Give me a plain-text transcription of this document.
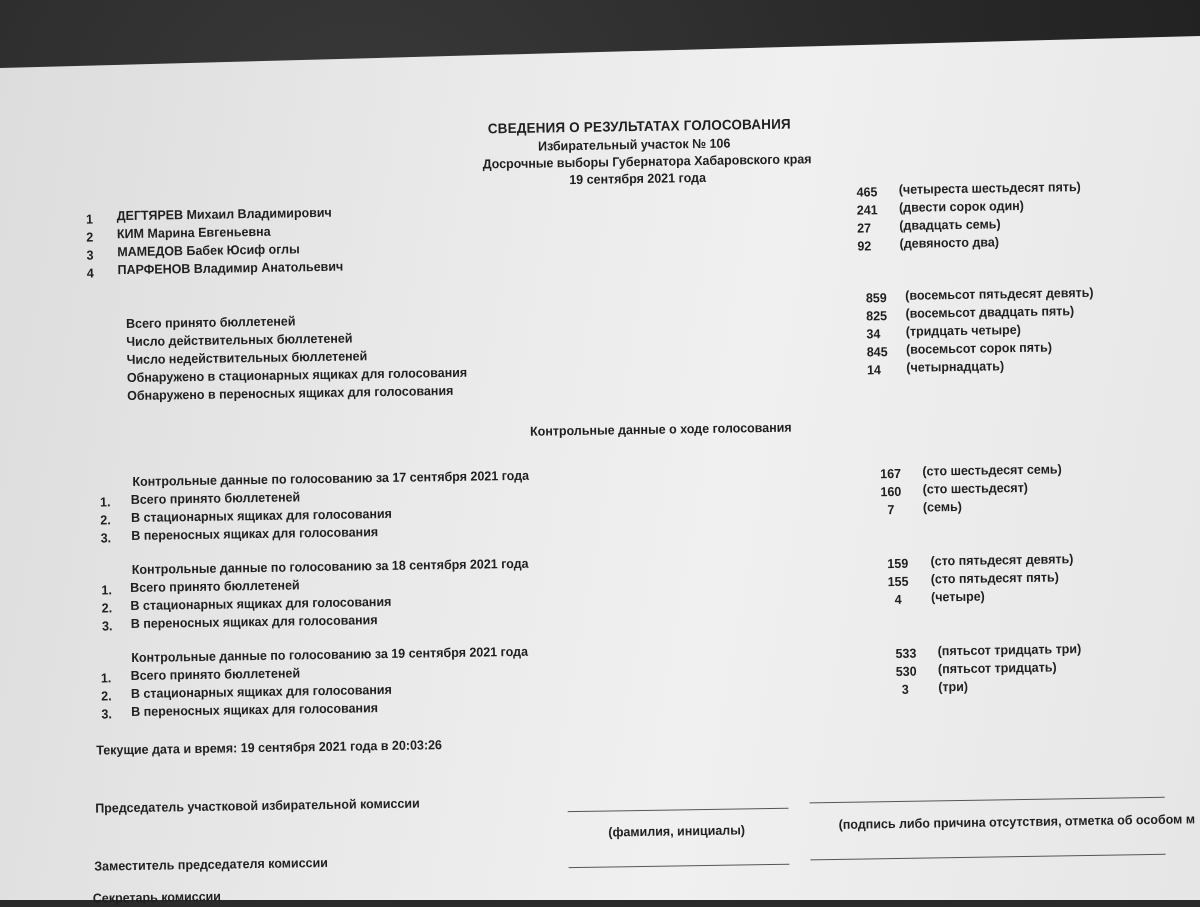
СВЕДЕНИЯ О РЕЗУЛЬТАТАХ ГОЛОСОВАНИЯ
Избирательный участок № 106
Досрочные выборы Губернатора Хабаровского края
19 сентября 2021 года
1 ДЕГТЯРЕВ Михаил Владимирович
465 (четыреста шестьдесят пять)
2 КИМ Марина Евгеньевна
241 (двести сорок один)
3 МАМЕДОВ Бабек Юсиф оглы
27 (двадцать семь)
4 ПАРФЕНОВ Владимир Анатольевич
92 (девяносто два)
Всего принято бюллетеней
859 (восемьсот пятьдесят девять)
Число действительных бюллетеней
825 (восемьсот двадцать пять)
Число недействительных бюллетеней
34 (тридцать четыре)
Обнаружено в стационарных ящиках для голосования
845 (восемьсот сорок пять)
Обнаружено в переносных ящиках для голосования
14 (четырнадцать)
Контрольные данные о ходе голосования
Контрольные данные по голосованию за 17 сентября 2021 года
1. Всего принято бюллетеней
167 (сто шестьдесят семь)
2. В стационарных ящиках для голосования
160 (сто шестьдесят)
3. В переносных ящиках для голосования
7 (семь)
Контрольные данные по голосованию за 18 сентября 2021 года
1. Всего принято бюллетеней
159 (сто пятьдесят девять)
2. В стационарных ящиках для голосования
155 (сто пятьдесят пять)
3. В переносных ящиках для голосования
4 (четыре)
Контрольные данные по голосованию за 19 сентября 2021 года
1. Всего принято бюллетеней
533 (пятьсот тридцать три)
2. В стационарных ящиках для голосования
530 (пятьсот тридцать)
3. В переносных ящиках для голосования
3 (три)
Текущие дата и время: 19 сентября 2021 года в 20:03:26
Председатель участковой избирательной комиссии
(фамилия, инициалы)	(подпись либо причина отсутствия, отметка об особом м
Заместитель председателя комиссии
Секретарь комиссии
